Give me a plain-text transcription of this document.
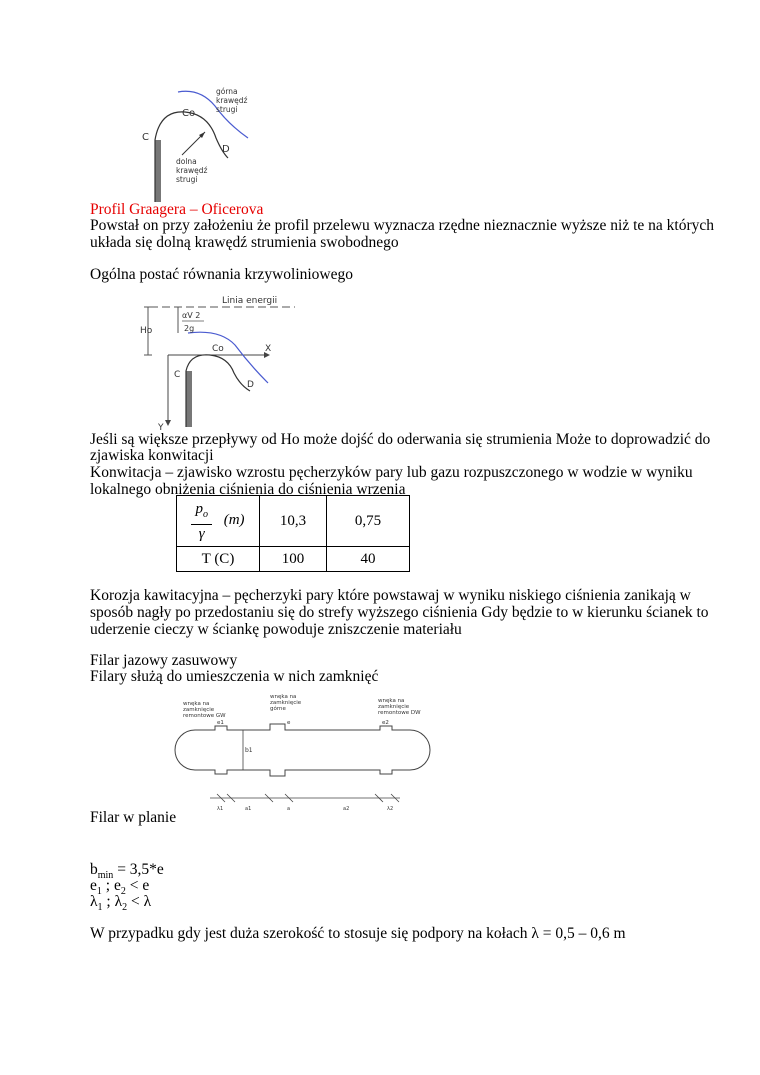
górna
krawędź
strugi
dolna
krawędź
strugi
C
Co
D
Profil Graagera – Oficerova
Powstał on przy założeniu że profil przelewu wyznacza rzędne nieznacznie wyższe niż te na których
układa się dolną krawędź strumienia swobodnego
Ogólna postać równania krzywoliniowego
Linia energii
αV 2
2g
Ho
Co	X
C
D
Y
Jeśli są większe przepływy od Ho może dojść do oderwania się strumienia Może to doprowadzić do
zjawiska konwitacji
Konwitacja – zjawisko wzrostu pęcherzyków pary lub gazu rozpuszczonego w wodzie w wyniku
lokalnego obniżenia ciśnienia do ciśnienia wrzenia
$\frac{p_o}{\gamma} (m)$	10,3	0,75
T (C)	100	40
Korozja kawitacyjna – pęcherzyki pary które powstawaj w wyniku niskiego ciśnienia zanikają w
sposób nagły po przedostaniu się do strefy wyższego ciśnienia Gdy będzie to w kierunku ścianek to
uderzenie cieczy w ściankę powoduje zniszczenie materiału
Filar jazowy zasuwowy
Filary służą do umieszczenia w nich zamknięć
wnęka na
zamknięcie
remontowe GW
wnęka na
zamknięcie
górne
wnęka na
zamknięcie
remontowe DW
e1	e	e2
b1
λ1	a1	a	a2	λ2
Filar w planie
$b_{min} = 3,5*e$
$e_1$ ; $e_2 < e$
$\lambda_1$ ; $\lambda_2 < \lambda$
W przypadku gdy jest duża szerokość to stosuje się podpory na kołach λ = 0,5 – 0,6 m
